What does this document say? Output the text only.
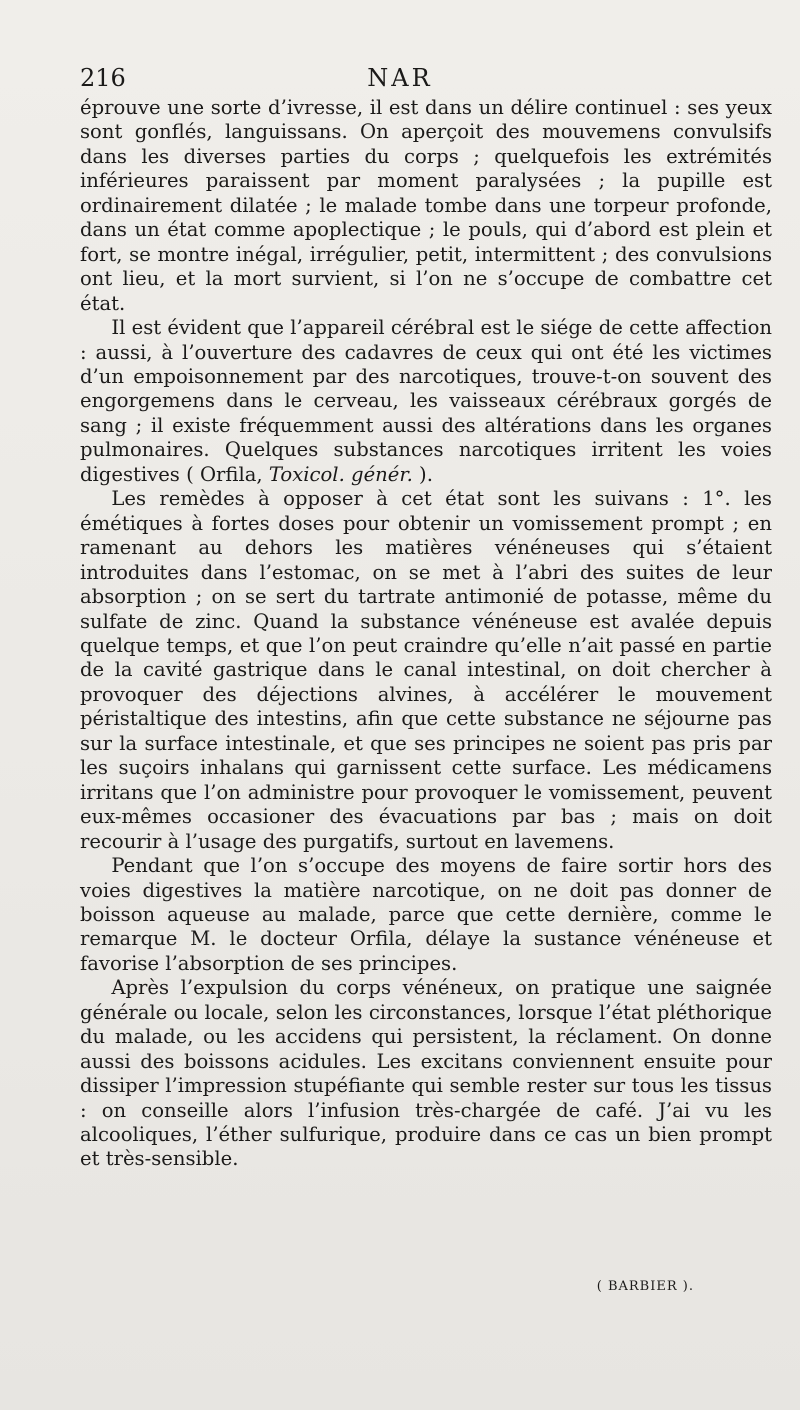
216	NAR

éprouve une sorte d’ivresse, il est dans un délire continuel : ses yeux sont gonflés, languissans. On aperçoit des mouvemens convulsifs dans les diverses parties du corps ; quelquefois les extrémités inférieures paraissent par moment paralysées ; la pupille est ordinairement dilatée ; le malade tombe dans une torpeur profonde, dans un état comme apoplectique ; le pouls, qui d’abord est plein et fort, se montre inégal, irrégulier, petit, intermittent ; des convulsions ont lieu, et la mort survient, si l’on ne s’occupe de combattre cet état.

Il est évident que l’appareil cérébral est le siége de cette affection : aussi, à l’ouverture des cadavres de ceux qui ont été les victimes d’un empoisonnement par des narcotiques, trouve-t-on souvent des engorgemens dans le cerveau, les vaisseaux cérébraux gorgés de sang ; il existe fréquemment aussi des altérations dans les organes pulmonaires. Quelques substances narcotiques irritent les voies digestives ( Orfila, Toxicol. génér. ).

Les remèdes à opposer à cet état sont les suivans : 1°. les émétiques à fortes doses pour obtenir un vomissement prompt ; en ramenant au dehors les matières vénéneuses qui s’étaient introduites dans l’estomac, on se met à l’abri des suites de leur absorption ; on se sert du tartrate antimonié de potasse, même du sulfate de zinc. Quand la substance vénéneuse est avalée depuis quelque temps, et que l’on peut craindre qu’elle n’ait passé en partie de la cavité gastrique dans le canal intestinal, on doit chercher à provoquer des déjections alvines, à accélérer le mouvement péristaltique des intestins, afin que cette substance ne séjourne pas sur la surface intestinale, et que ses principes ne soient pas pris par les suçoirs inhalans qui garnissent cette surface. Les médicamens irritans que l’on administre pour provoquer le vomissement, peuvent eux-mêmes occasioner des évacuations par bas ; mais on doit recourir à l’usage des purgatifs, surtout en lavemens.

Pendant que l’on s’occupe des moyens de faire sortir hors des voies digestives la matière narcotique, on ne doit pas donner de boisson aqueuse au malade, parce que cette dernière, comme le remarque M. le docteur Orfila, délaye la sustance vénéneuse et favorise l’absorption de ses principes.

Après l’expulsion du corps vénéneux, on pratique une saignée générale ou locale, selon les circonstances, lorsque l’état pléthorique du malade, ou les accidens qui persistent, la réclament. On donne aussi des boissons acidules. Les excitans conviennent ensuite pour dissiper l’impression stupéfiante qui semble rester sur tous les tissus : on conseille alors l’infusion très-chargée de café. J’ai vu les alcooliques, l’éther sulfurique, produire dans ce cas un bien prompt et très-sensible.

( BARBIER ).
